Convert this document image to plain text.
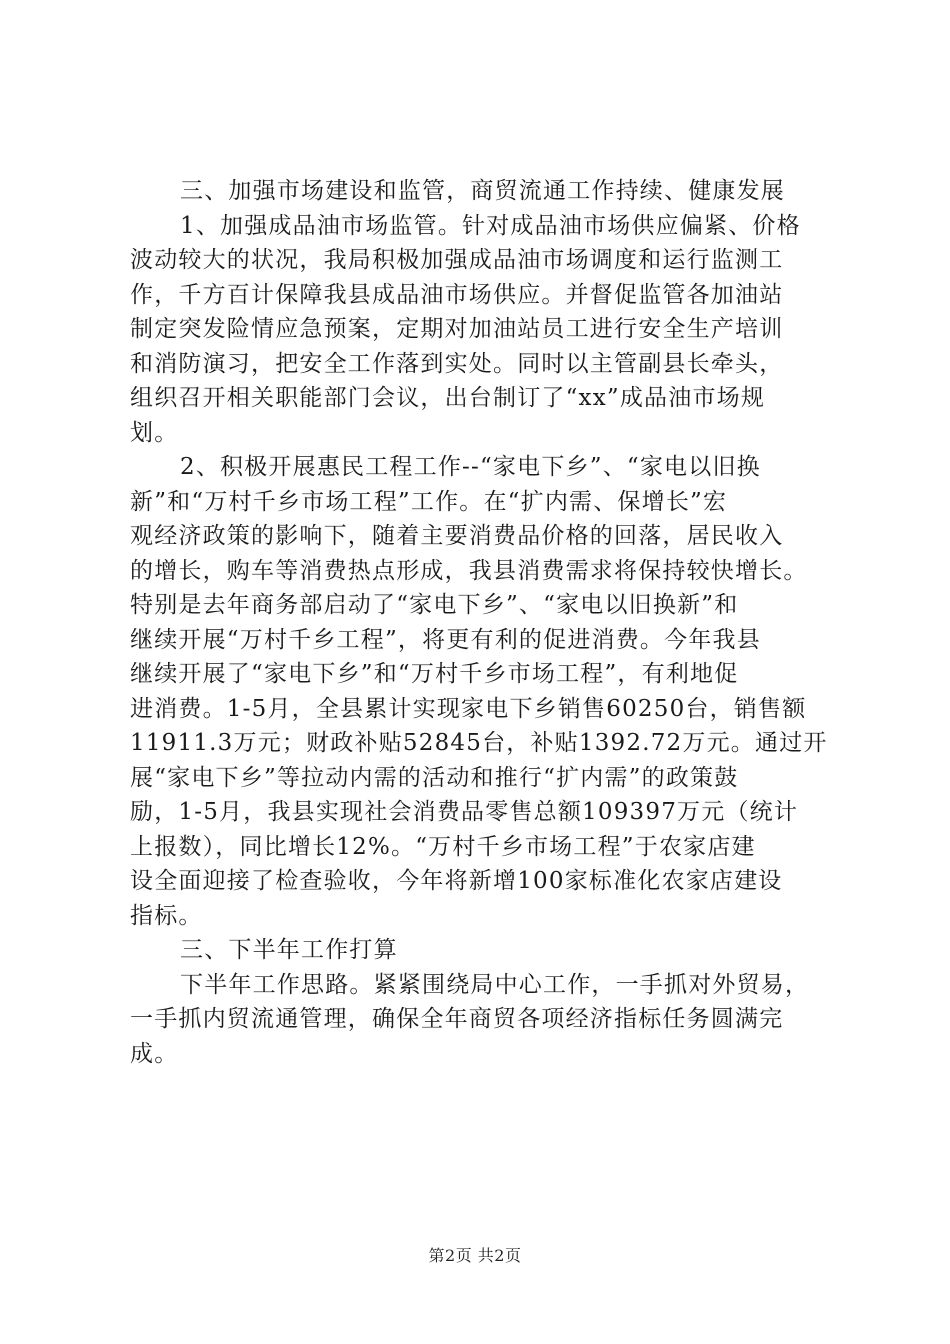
三、加强市场建设和监管，商贸流通工作持续、健康发展
1、加强成品油市场监管。针对成品油市场供应偏紧、价格
波动较大的状况，我局积极加强成品油市场调度和运行监测工
作，千方百计保障我县成品油市场供应。并督促监管各加油站
制定突发险情应急预案，定期对加油站员工进行安全生产培训
和消防演习，把安全工作落到实处。同时以主管副县长牵头，
组织召开相关职能部门会议，出台制订了“xx”成品油市场规
划。
2、积极开展惠民工程工作--“家电下乡”、“家电以旧换
新”和“万村千乡市场工程”工作。在“扩内需、保增长”宏
观经济政策的影响下，随着主要消费品价格的回落，居民收入
的增长，购车等消费热点形成，我县消费需求将保持较快增长。
特别是去年商务部启动了“家电下乡”、“家电以旧换新”和
继续开展“万村千乡工程”，将更有利的促进消费。今年我县
继续开展了“家电下乡”和“万村千乡市场工程”，有利地促
进消费。1-5月，全县累计实现家电下乡销售60250台，销售额
11911.3万元；财政补贴52845台，补贴1392.72万元。通过开
展“家电下乡”等拉动内需的活动和推行“扩内需”的政策鼓
励，1-5月，我县实现社会消费品零售总额109397万元（统计
上报数），同比增长12%。“万村千乡市场工程”于农家店建
设全面迎接了检查验收，今年将新增100家标准化农家店建设
指标。
三、下半年工作打算
下半年工作思路。紧紧围绕局中心工作，一手抓对外贸易，
一手抓内贸流通管理，确保全年商贸各项经济指标任务圆满完
成。
第2页 共2页
